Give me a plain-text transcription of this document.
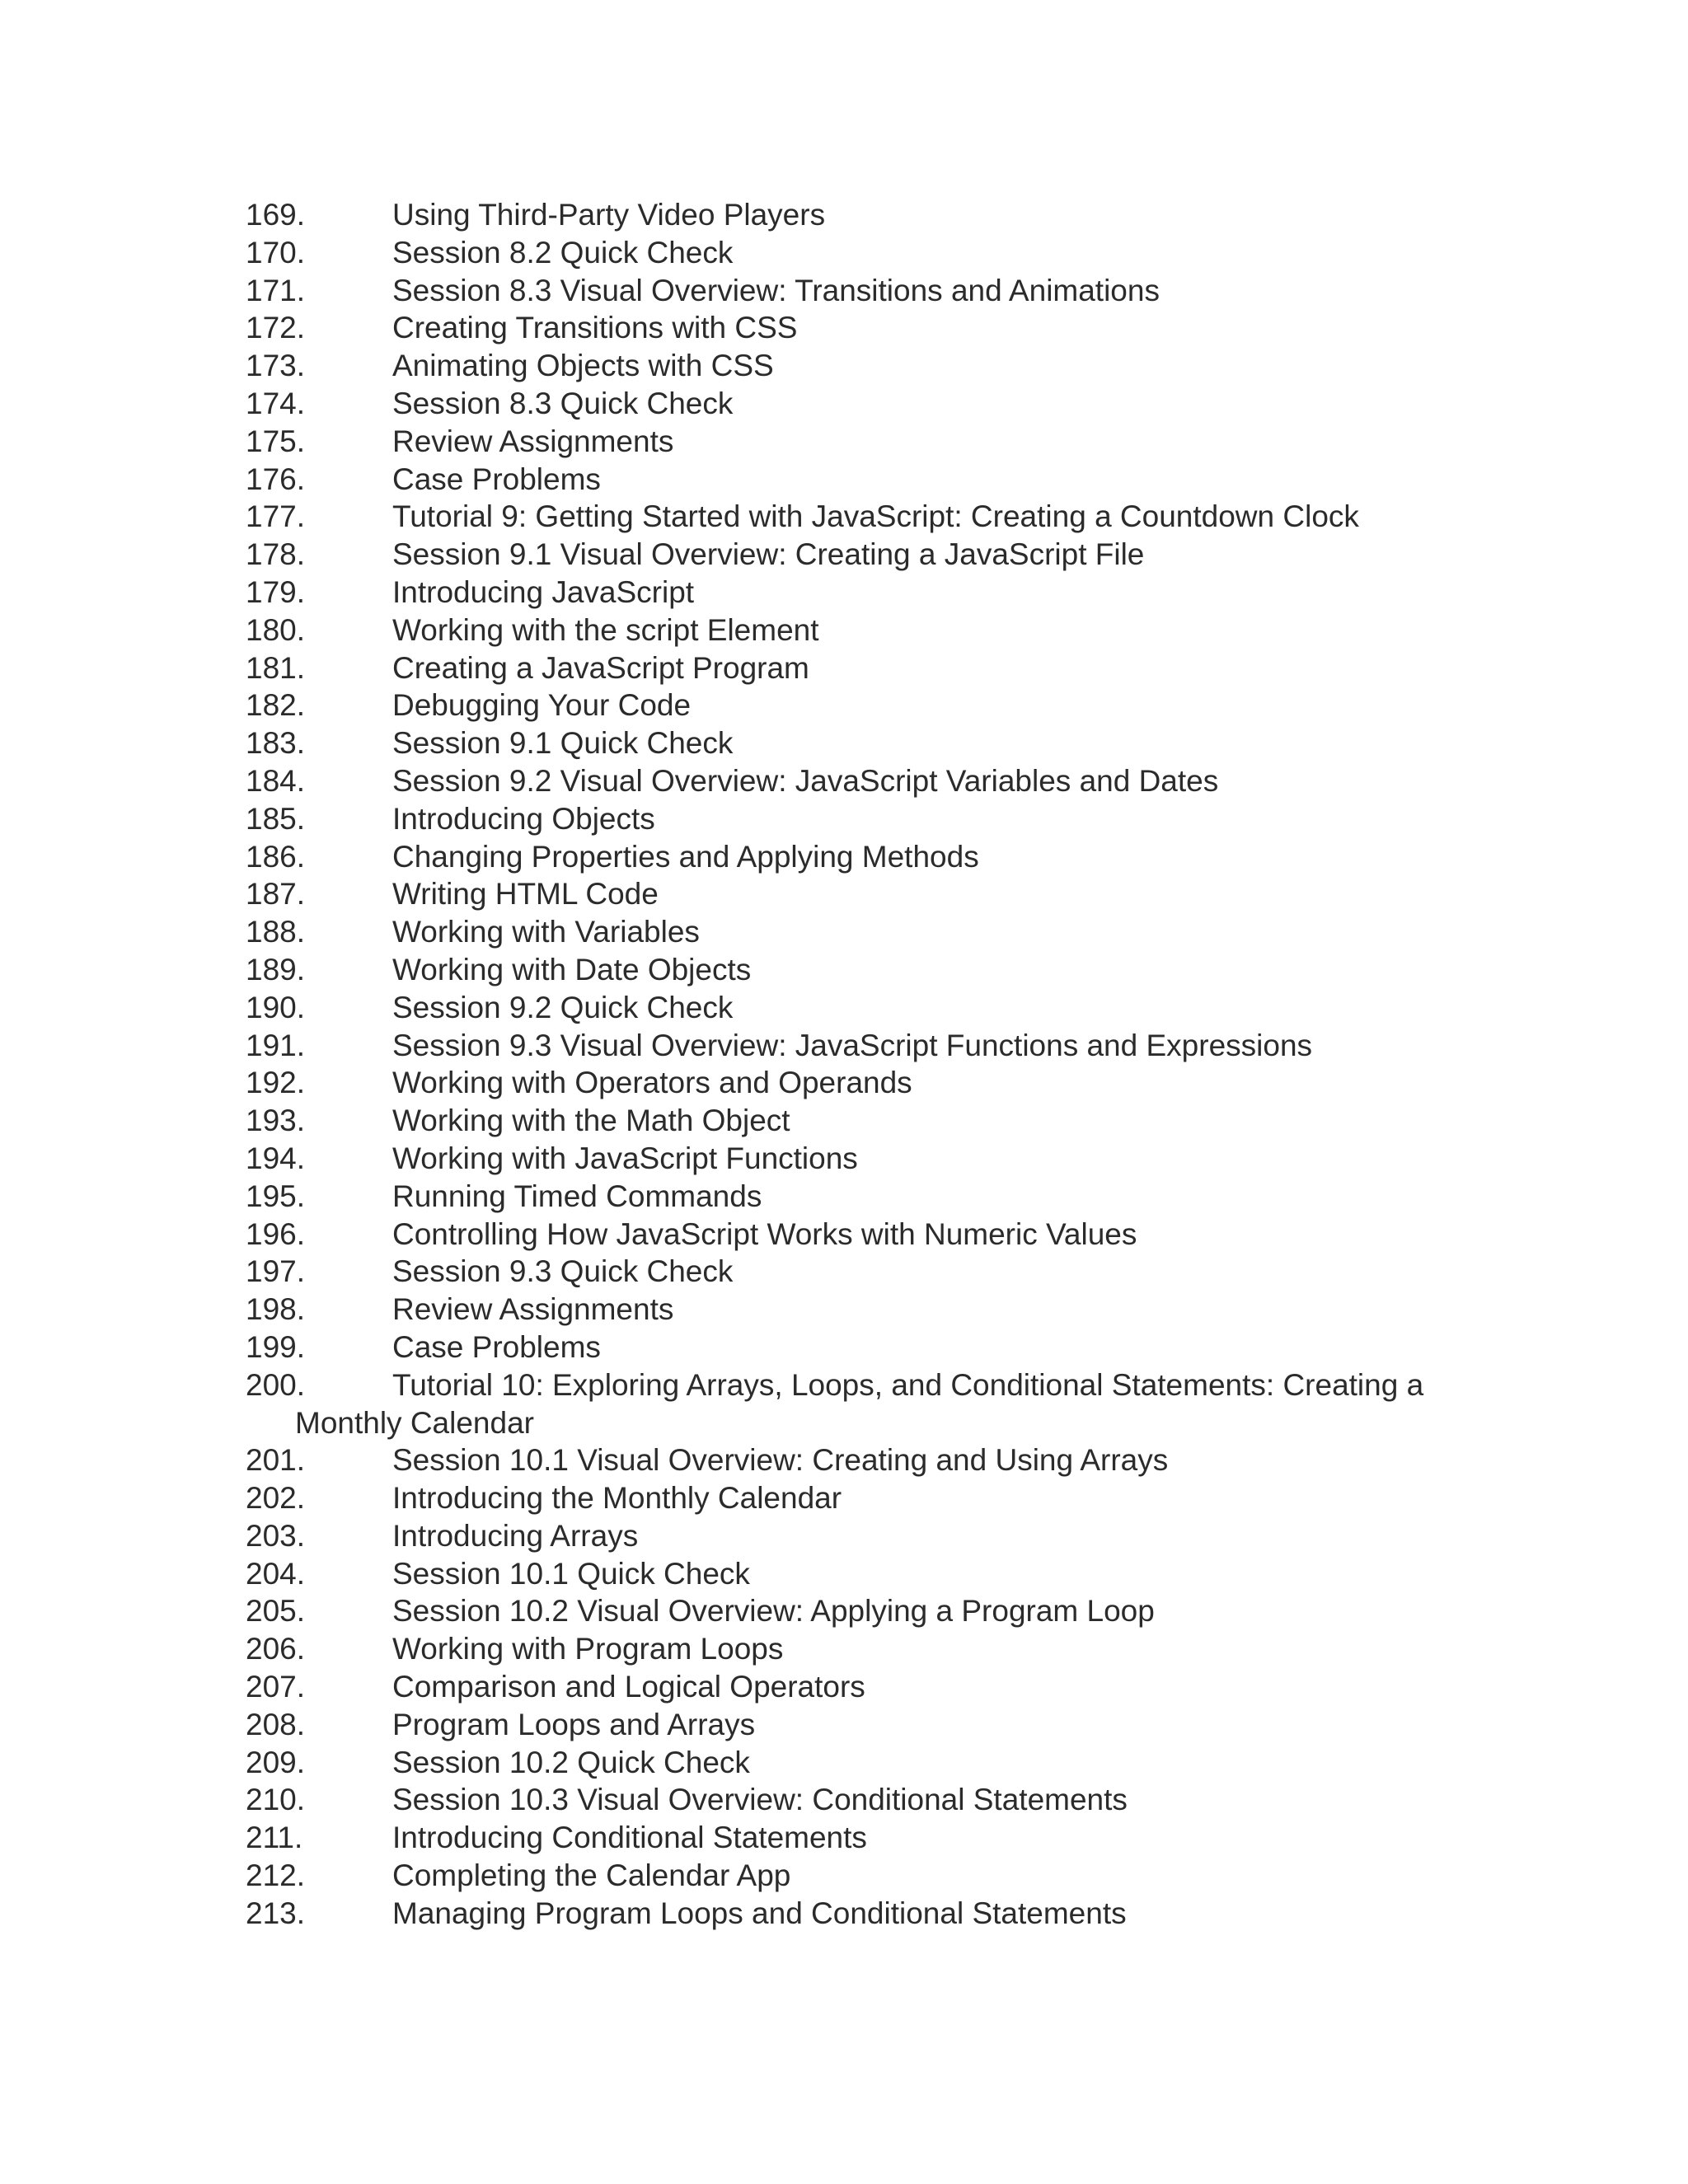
169.	Using Third-Party Video Players
170.	Session 8.2 Quick Check
171.	Session 8.3 Visual Overview: Transitions and Animations
172.	Creating Transitions with CSS
173.	Animating Objects with CSS
174.	Session 8.3 Quick Check
175.	Review Assignments
176.	Case Problems
177.	Tutorial 9: Getting Started with JavaScript: Creating a Countdown Clock
178.	Session 9.1 Visual Overview: Creating a JavaScript File
179.	Introducing JavaScript
180.	Working with the script Element
181.	Creating a JavaScript Program
182.	Debugging Your Code
183.	Session 9.1 Quick Check
184.	Session 9.2 Visual Overview: JavaScript Variables and Dates
185.	Introducing Objects
186.	Changing Properties and Applying Methods
187.	Writing HTML Code
188.	Working with Variables
189.	Working with Date Objects
190.	Session 9.2 Quick Check
191.	Session 9.3 Visual Overview: JavaScript Functions and Expressions
192.	Working with Operators and Operands
193.	Working with the Math Object
194.	Working with JavaScript Functions
195.	Running Timed Commands
196.	Controlling How JavaScript Works with Numeric Values
197.	Session 9.3 Quick Check
198.	Review Assignments
199.	Case Problems
200.	Tutorial 10: Exploring Arrays, Loops, and Conditional Statements: Creating a
Monthly Calendar
201.	Session 10.1 Visual Overview: Creating and Using Arrays
202.	Introducing the Monthly Calendar
203.	Introducing Arrays
204.	Session 10.1 Quick Check
205.	Session 10.2 Visual Overview: Applying a Program Loop
206.	Working with Program Loops
207.	Comparison and Logical Operators
208.	Program Loops and Arrays
209.	Session 10.2 Quick Check
210.	Session 10.3 Visual Overview: Conditional Statements
211.	Introducing Conditional Statements
212.	Completing the Calendar App
213.	Managing Program Loops and Conditional Statements
